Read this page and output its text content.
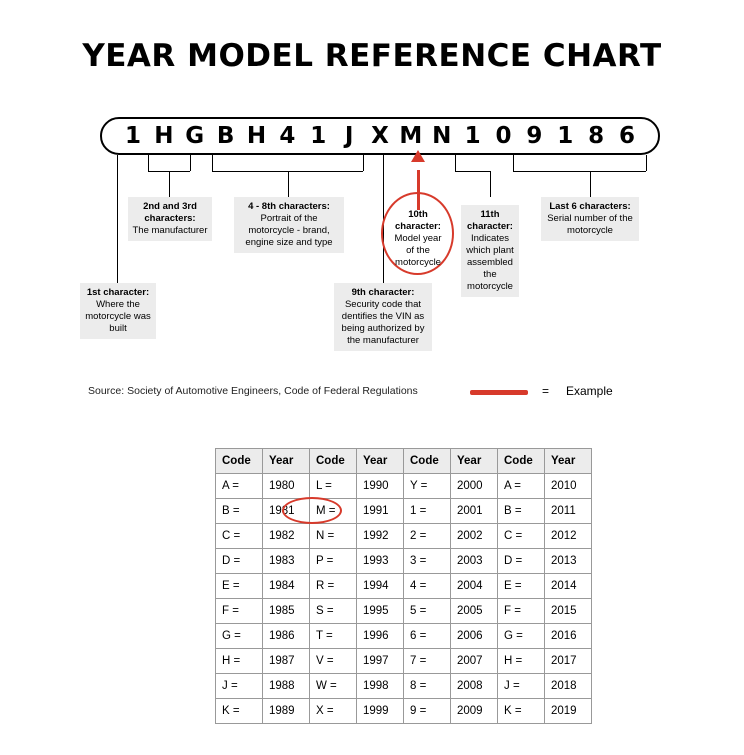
YEAR MODEL REFERENCE CHART
1 H G B H 4 1 J X M N 1 0 9 1 8 6
1st character:
Where the motorcycle was built
2nd and 3rd characters:
The manufacturer
4 - 8th characters:
Portrait of the motorcycle - brand, engine size and type
9th character:
Security code that dentifies the VIN as being authorized by the manufacturer
10th character:
Model year of the motorcycle
11th character:
Indicates which plant assembled the motorcycle
Last 6 characters:
Serial number of the motorcycle
Source: Society of Automotive Engineers, Code of Federal Regulations	= Example
Code	Year	Code	Year	Code	Year	Code	Year
A =	1980	L =	1990	Y =	2000	A =	2010
B =	1981	M =	1991	1 =	2001	B =	2011
C =	1982	N =	1992	2 =	2002	C =	2012
D =	1983	P =	1993	3 =	2003	D =	2013
E =	1984	R =	1994	4 =	2004	E =	2014
F =	1985	S =	1995	5 =	2005	F =	2015
G =	1986	T =	1996	6 =	2006	G =	2016
H =	1987	V =	1997	7 =	2007	H =	2017
J =	1988	W =	1998	8 =	2008	J =	2018
K =	1989	X =	1999	9 =	2009	K =	2019
